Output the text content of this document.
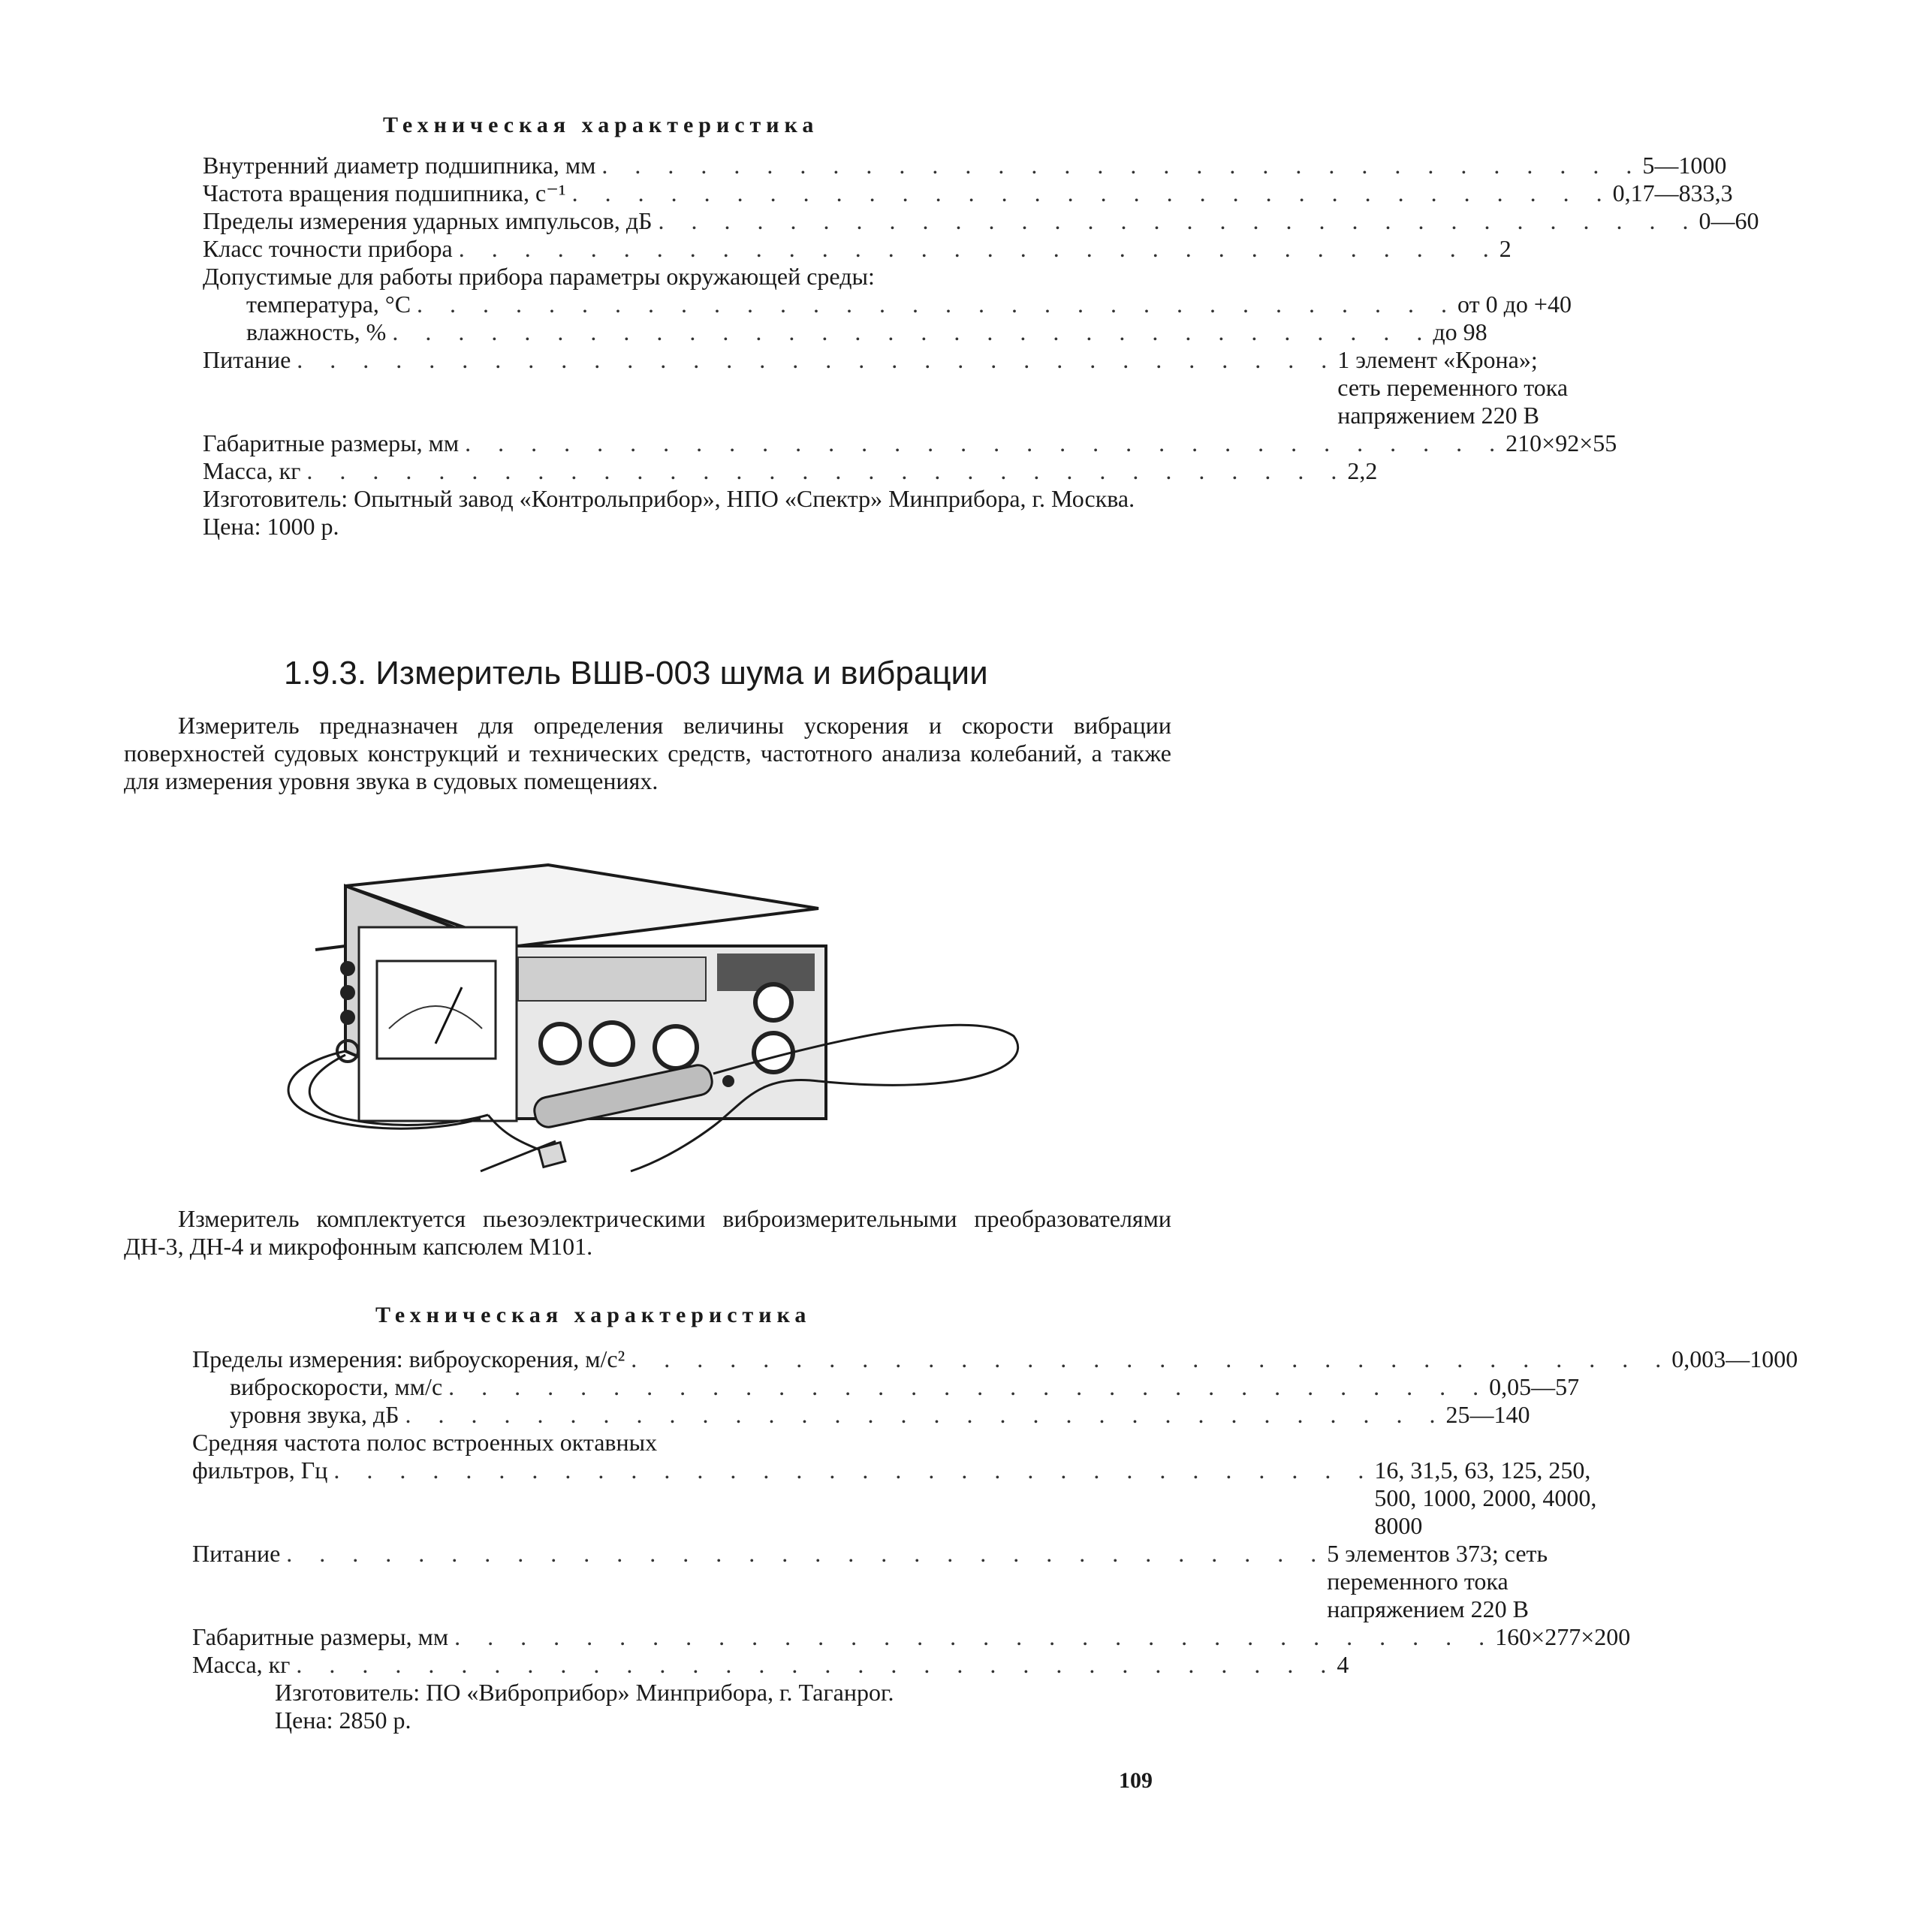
Техническая характеристика
Внутренний диаметр подшипника, мм . . . . . . . . . . . . . . . . . . . . . . . . . . . . . . . . 5—1000
Частота вращения подшипника, с⁻¹ . . . . . . . . . . . . . . . . . . . . . . . . . . . . . . . . 0,17—833,3
Пределы измерения ударных импульсов, дБ . . . . . . . . . . . . . . . . . . . . . . . . . . . . . . . . 0—60
Класс точности прибора . . . . . . . . . . . . . . . . . . . . . . . . . . . . . . . . 2
Допустимые для работы прибора параметры окружающей среды:
температура, °С . . . . . . . . . . . . . . . . . . . . . . . . . . . . . . . . от 0 до +40
влажность, % . . . . . . . . . . . . . . . . . . . . . . . . . . . . . . . . до 98
Питание . . . . . . . . . . . . . . . . . . . . . . . . . . . . . . . . 1 элемент «Крона»; сеть переменного тока напряжением 220 В
Габаритные размеры, мм . . . . . . . . . . . . . . . . . . . . . . . . . . . . . . . . 210×92×55
Масса, кг . . . . . . . . . . . . . . . . . . . . . . . . . . . . . . . . 2,2
Изготовитель: Опытный завод «Контрольприбор», НПО «Спектр» Минприбора, г. Москва.
Цена: 1000 р.
1.9.3. Измеритель ВШВ-003 шума и вибрации
Измеритель предназначен для определения величины ускорения и скорости вибрации поверхностей судовых конструкций и технических средств, частотного анализа колебаний, а также для измерения уровня звука в судовых помещениях.
Измеритель комплектуется пьезоэлектрическими виброизмерительными преобразователями ДН-3, ДН-4 и микрофонным капсюлем М101.
Техническая характеристика
Пределы измерения: виброускорения, м/с² . . . . . . . . . . . . . . . . . . . . . . . . . . . . . . . . 0,003—1000
виброскорости, мм/с . . . . . . . . . . . . . . . . . . . . . . . . . . . . . . . . 0,05—57
уровня звука, дБ . . . . . . . . . . . . . . . . . . . . . . . . . . . . . . . . 25—140
Средняя частота полос встроенных октавных
фильтров, Гц . . . . . . . . . . . . . . . . . . . . . . . . . . . . . . . . 16, 31,5, 63, 125, 250, 500, 1000, 2000, 4000, 8000
Питание . . . . . . . . . . . . . . . . . . . . . . . . . . . . . . . . 5 элементов 373; сеть переменного тока напряжением 220 В
Габаритные размеры, мм . . . . . . . . . . . . . . . . . . . . . . . . . . . . . . . . 160×277×200
Масса, кг . . . . . . . . . . . . . . . . . . . . . . . . . . . . . . . . 4
Изготовитель: ПО «Виброприбор» Минприбора, г. Таганрог.
Цена: 2850 р.
109
